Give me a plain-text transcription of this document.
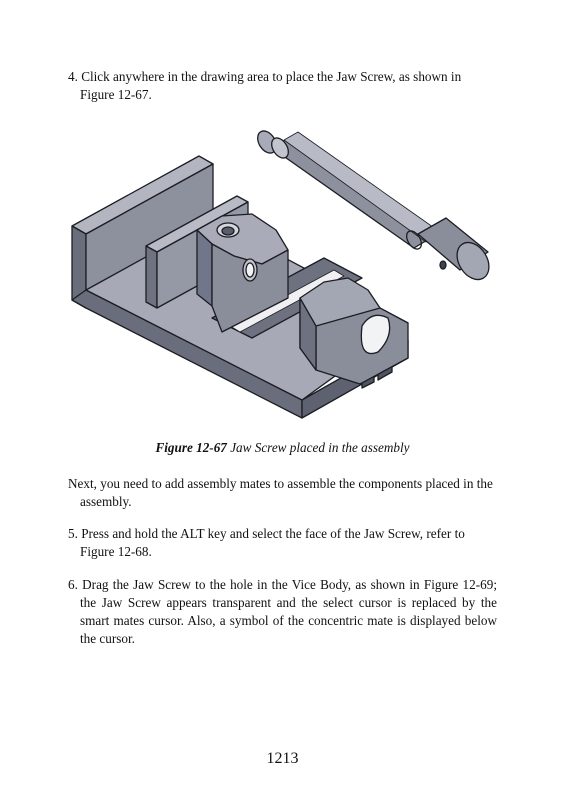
4. Click anywhere in the drawing area to place the Jaw Screw, as shown in Figure 12-67.

Figure 12-67 Jaw Screw placed in the assembly

Next, you need to add assembly mates to assemble the components placed in the assembly.

5. Press and hold the ALT key and select the face of the Jaw Screw, refer to Figure 12-68.

6. Drag the Jaw Screw to the hole in the Vice Body, as shown in Figure 12-69; the Jaw Screw appears transparent and the select cursor is replaced by the smart mates cursor. Also, a symbol of the concentric mate is displayed below the cursor.

1213
